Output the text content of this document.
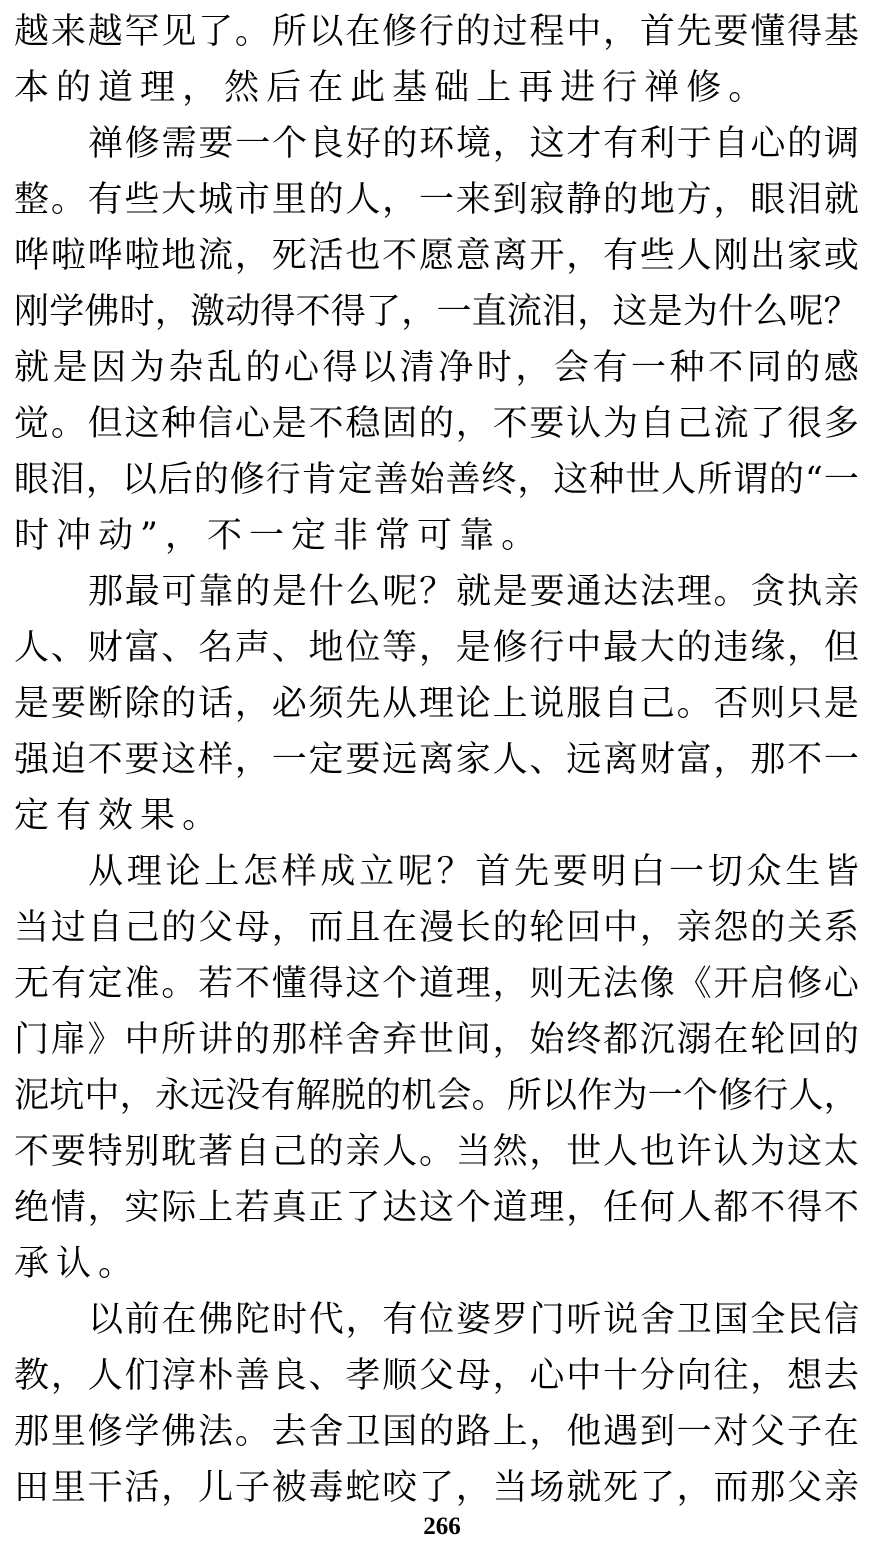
越 来 越 罕 见 了 。 所 以 在 修 行 的 过 程 中 ， 首 先 要 懂 得 基
本 的 道 理 ， 然 后 在 此 基 础 上 再 进 行 禅 修 。
禅 修 需 要 一 个 良 好 的 环 境 ， 这 才 有 利 于 自 心 的 调
整 。 有 些 大 城 市 里 的 人 ， 一 来 到 寂 静 的 地 方 ， 眼 泪 就
哗 啦 哗 啦 地 流 ， 死 活 也 不 愿 意 离 开 ， 有 些 人 刚 出 家 或
刚 学 佛 时 ， 激 动 得 不 得 了 ， 一 直 流 泪 ， 这 是 为 什 么 呢 ？
就 是 因 为 杂 乱 的 心 得 以 清 净 时 ， 会 有 一 种 不 同 的 感
觉 。 但 这 种 信 心 是 不 稳 固 的 ， 不 要 认 为 自 己 流 了 很 多
眼 泪 ， 以 后 的 修 行 肯 定 善 始 善 终 ， 这 种 世 人 所 谓 的 “ 一
时 冲 动 ” ， 不 一 定 非 常 可 靠 。
那 最 可 靠 的 是 什 么 呢 ？ 就 是 要 通 达 法 理 。 贪 执 亲
人 、 财 富 、 名 声 、 地 位 等 ， 是 修 行 中 最 大 的 违 缘 ， 但
是 要 断 除 的 话 ， 必 须 先 从 理 论 上 说 服 自 己 。 否 则 只 是
强 迫 不 要 这 样 ， 一 定 要 远 离 家 人 、 远 离 财 富 ， 那 不 一
定 有 效 果 。
从 理 论 上 怎 样 成 立 呢 ？ 首 先 要 明 白 一 切 众 生 皆
当 过 自 己 的 父 母 ， 而 且 在 漫 长 的 轮 回 中 ， 亲 怨 的 关 系
无 有 定 准 。 若 不 懂 得 这 个 道 理 ， 则 无 法 像 《 开 启 修 心
门 扉 》 中 所 讲 的 那 样 舍 弃 世 间 ， 始 终 都 沉 溺 在 轮 回 的
泥 坑 中 ， 永 远 没 有 解 脱 的 机 会 。 所 以 作 为 一 个 修 行 人 ，
不 要 特 别 耽 著 自 己 的 亲 人 。 当 然 ， 世 人 也 许 认 为 这 太
绝 情 ， 实 际 上 若 真 正 了 达 这 个 道 理 ， 任 何 人 都 不 得 不
承 认 。
以 前 在 佛 陀 时 代 ， 有 位 婆 罗 门 听 说 舍 卫 国 全 民 信
教 ， 人 们 淳 朴 善 良 、 孝 顺 父 母 ， 心 中 十 分 向 往 ， 想 去
那 里 修 学 佛 法 。 去 舍 卫 国 的 路 上 ， 他 遇 到 一 对 父 子 在
田 里 干 活 ， 儿 子 被 毒 蛇 咬 了 ， 当 场 就 死 了 ， 而 那 父 亲
266
